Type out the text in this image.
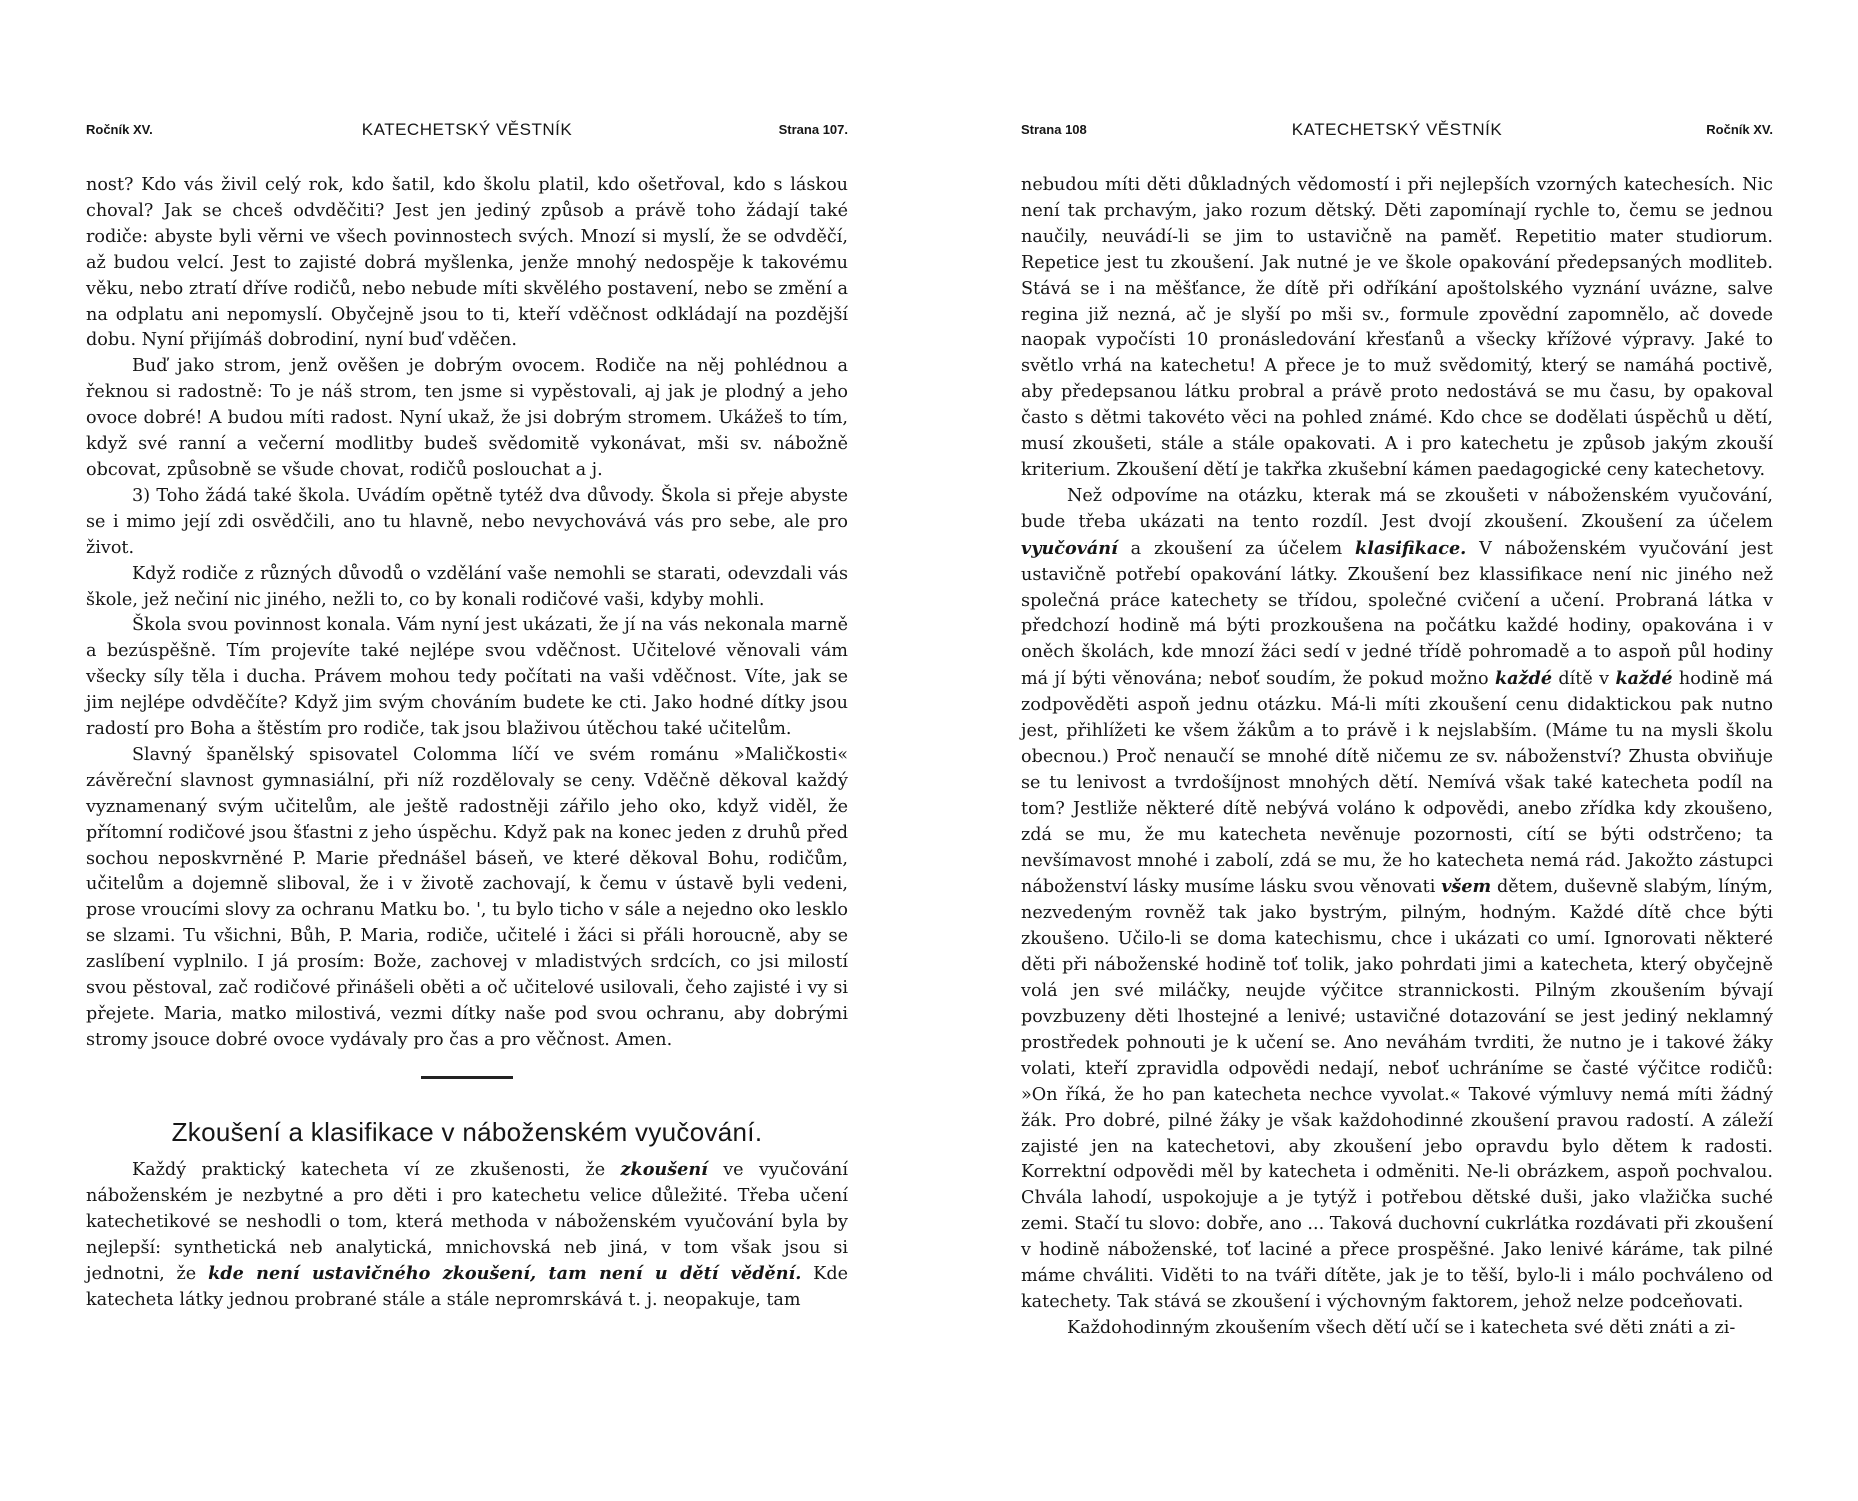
Ročník XV.	KATECHETSKÝ VĚSTNÍK	Strana 107.

nost? Kdo vás živil celý rok, kdo šatil, kdo školu platil, kdo ošetřoval, kdo s láskou choval? Jak se chceš odvděčiti? Jest jen jediný způsob a právě toho žádají také rodiče: abyste byli věrni ve všech povinnostech svých. Mnozí si myslí, že se odvděčí, až budou velcí. Jest to zajisté dobrá myšlenka, jenže mnohý nedospěje k takovému věku, nebo ztratí dříve rodičů, nebo nebude míti skvělého postavení, nebo se změní a na odplatu ani nepomyslí. Obyčejně jsou to ti, kteří vděčnost odkládají na pozdější dobu. Nyní přijímáš dobrodiní, nyní buď vděčen.

Buď jako strom, jenž ověšen je dobrým ovocem. Rodiče na něj pohlédnou a řeknou si radostně: To je náš strom, ten jsme si vypěstovali, aj jak je plodný a jeho ovoce dobré! A budou míti radost. Nyní ukaž, že jsi dobrým stromem. Ukážeš to tím, když své ranní a večerní modlitby budeš svědomitě vykonávat, mši sv. nábožně obcovat, způsobně se všude chovat, rodičů poslouchat a j.

3) Toho žádá také škola. Uvádím opětně tytéž dva důvody. Škola si přeje abyste se i mimo její zdi osvědčili, ano tu hlavně, nebo nevychovává vás pro sebe, ale pro život.

Když rodiče z různých důvodů o vzdělání vaše nemohli se starati, odevzdali vás škole, jež nečiní nic jiného, nežli to, co by konali rodičové vaši, kdyby mohli.

Škola svou povinnost konala. Vám nyní jest ukázati, že jí na vás nekonala marně a bezúspěšně. Tím projevíte také nejlépe svou vděčnost. Učitelové věnovali vám všecky síly těla i ducha. Právem mohou tedy počítati na vaši vděčnost. Víte, jak se jim nejlépe odvděčíte? Když jim svým chováním budete ke cti. Jako hodné dítky jsou radostí pro Boha a štěstím pro rodiče, tak jsou blaživou útěchou také učitelům.

Slavný španělský spisovatel Colomma líčí ve svém románu »Maličkosti« závěreční slavnost gymnasiální, při níž rozdělovaly se ceny. Vděčně děkoval každý vyznamenaný svým učitelům, ale ještě radostněji zářilo jeho oko, když viděl, že přítomní rodičové jsou šťastni z jeho úspěchu. Když pak na konec jeden z druhů před sochou neposkvrněné P. Marie přednášel báseň, ve které děkoval Bohu, rodičům, učitelům a dojemně sliboval, že i v životě zachovají, k čemu v ústavě byli vedeni, prose vroucími slovy za ochranu Matku bo. ', tu bylo ticho v sále a nejedno oko lesklo se slzami. Tu všichni, Bůh, P. Maria, rodiče, učitelé i žáci si přáli horoucně, aby se zaslíbení vyplnilo. I já prosím: Bože, zachovej v mladistvých srdcích, co jsi milostí svou pěstoval, zač rodičové přinášeli oběti a oč učitelové usilovali, čeho zajisté i vy si přejete. Maria, matko milostivá, vezmi dítky naše pod svou ochranu, aby dobrými stromy jsouce dobré ovoce vydávaly pro čas a pro věčnost. Amen.

Zkoušení a klasifikace v náboženském vyučování.

Každý praktický katecheta ví ze zkušenosti, že zkoušení ve vyučování náboženském je nezbytné a pro děti i pro katechetu velice důležité. Třeba učení katechetikové se neshodli o tom, která methoda v náboženském vyučování byla by nejlepší: synthetická neb analytická, mnichovská neb jiná, v tom však jsou si jednotni, že kde není ustavičného zkoušení, tam není u dětí vědění. Kde katecheta látky jednou probrané stále a stále nepromrskává t. j. neopakuje, tam

Strana 108	KATECHETSKÝ VĚSTNÍK	Ročník XV.

nebudou míti děti důkladných vědomostí i při nejlepších vzorných katechesích. Nic není tak prchavým, jako rozum dětský. Děti zapomínají rychle to, čemu se jednou naučily, neuvádí-li se jim to ustavičně na paměť. Repetitio mater studiorum. Repetice jest tu zkoušení. Jak nutné je ve škole opakování předepsaných modliteb. Stává se i na měšťance, že dítě při odříkání apoštolského vyznání uvázne, salve regina již nezná, ač je slyší po mši sv., formule zpovědní zapomnělo, ač dovede naopak vypočísti 10 pronásledování křesťanů a všecky křížové výpravy. Jaké to světlo vrhá na katechetu! A přece je to muž svědomitý, který se namáhá poctivě, aby předepsanou látku probral a právě proto nedostává se mu času, by opakoval často s dětmi takovéto věci na pohled známé. Kdo chce se dodělati úspěchů u dětí, musí zkoušeti, stále a stále opakovati. A i pro katechetu je způsob jakým zkouší kriterium. Zkoušení dětí je takřka zkušební kámen paedagogické ceny katechetovy.

Než odpovíme na otázku, kterak má se zkoušeti v náboženském vyučování, bude třeba ukázati na tento rozdíl. Jest dvojí zkoušení. Zkoušení za účelem vyučování a zkoušení za účelem klasifikace. V náboženském vyučování jest ustavičně potřebí opakování látky. Zkoušení bez klassifikace není nic jiného než společná práce katechety se třídou, společné cvičení a učení. Probraná látka v předchozí hodině má býti prozkoušena na počátku každé hodiny, opakována i v oněch školách, kde mnozí žáci sedí v jedné třídě pohromadě a to aspoň půl hodiny má jí býti věnována; neboť soudím, že pokud možno každé dítě v každé hodině má zodpověděti aspoň jednu otázku. Má-li míti zkoušení cenu didaktickou pak nutno jest, přihlížeti ke všem žákům a to právě i k nejslabším. (Máme tu na mysli školu obecnou.) Proč nenaučí se mnohé dítě ničemu ze sv. náboženství? Zhusta obviňuje se tu lenivost a tvrdošíjnost mnohých dětí. Nemívá však také katecheta podíl na tom? Jestliže některé dítě nebývá voláno k odpovědi, anebo zřídka kdy zkoušeno, zdá se mu, že mu katecheta nevěnuje pozornosti, cítí se býti odstrčeno; ta nevšímavost mnohé i zabolí, zdá se mu, že ho katecheta nemá rád. Jakožto zástupci náboženství lásky musíme lásku svou věnovati všem dětem, duševně slabým, líným, nezvedeným rovněž tak jako bystrým, pilným, hodným. Každé dítě chce býti zkoušeno. Učilo-li se doma katechismu, chce i ukázati co umí. Ignorovati některé děti při náboženské hodině toť tolik, jako pohrdati jimi a katecheta, který obyčejně volá jen své miláčky, neujde výčitce strannickosti. Pilným zkoušením bývají povzbuzeny děti lhostejné a lenivé; ustavičné dotazování se jest jediný neklamný prostředek pohnouti je k učení se. Ano neváhám tvrditi, že nutno je i takové žáky volati, kteří zpravidla odpovědi nedají, neboť uchráníme se časté výčitce rodičů: »On říká, že ho pan katecheta nechce vyvolat.« Takové výmluvy nemá míti žádný žák. Pro dobré, pilné žáky je však každohodinné zkoušení pravou radostí. A záleží zajisté jen na katechetovi, aby zkoušení jebo opravdu bylo dětem k radosti. Korrektní odpovědi měl by katecheta i odměniti. Ne-li obrázkem, aspoň pochvalou. Chvála lahodí, uspokojuje a je tytýž i potřebou dětské duši, jako vlažička suché zemi. Stačí tu slovo: dobře, ano ... Taková duchovní cukrlátka rozdávati při zkoušení v hodině náboženské, toť laciné a přece prospěšné. Jako lenivé káráme, tak pilné máme chváliti. Viděti to na tváři dítěte, jak je to těší, bylo-li i málo pochváleno od katechety. Tak stává se zkoušení i výchovným faktorem, jehož nelze podceňovati.

Každohodinným zkoušením všech dětí učí se i katecheta své děti znáti a zi-
